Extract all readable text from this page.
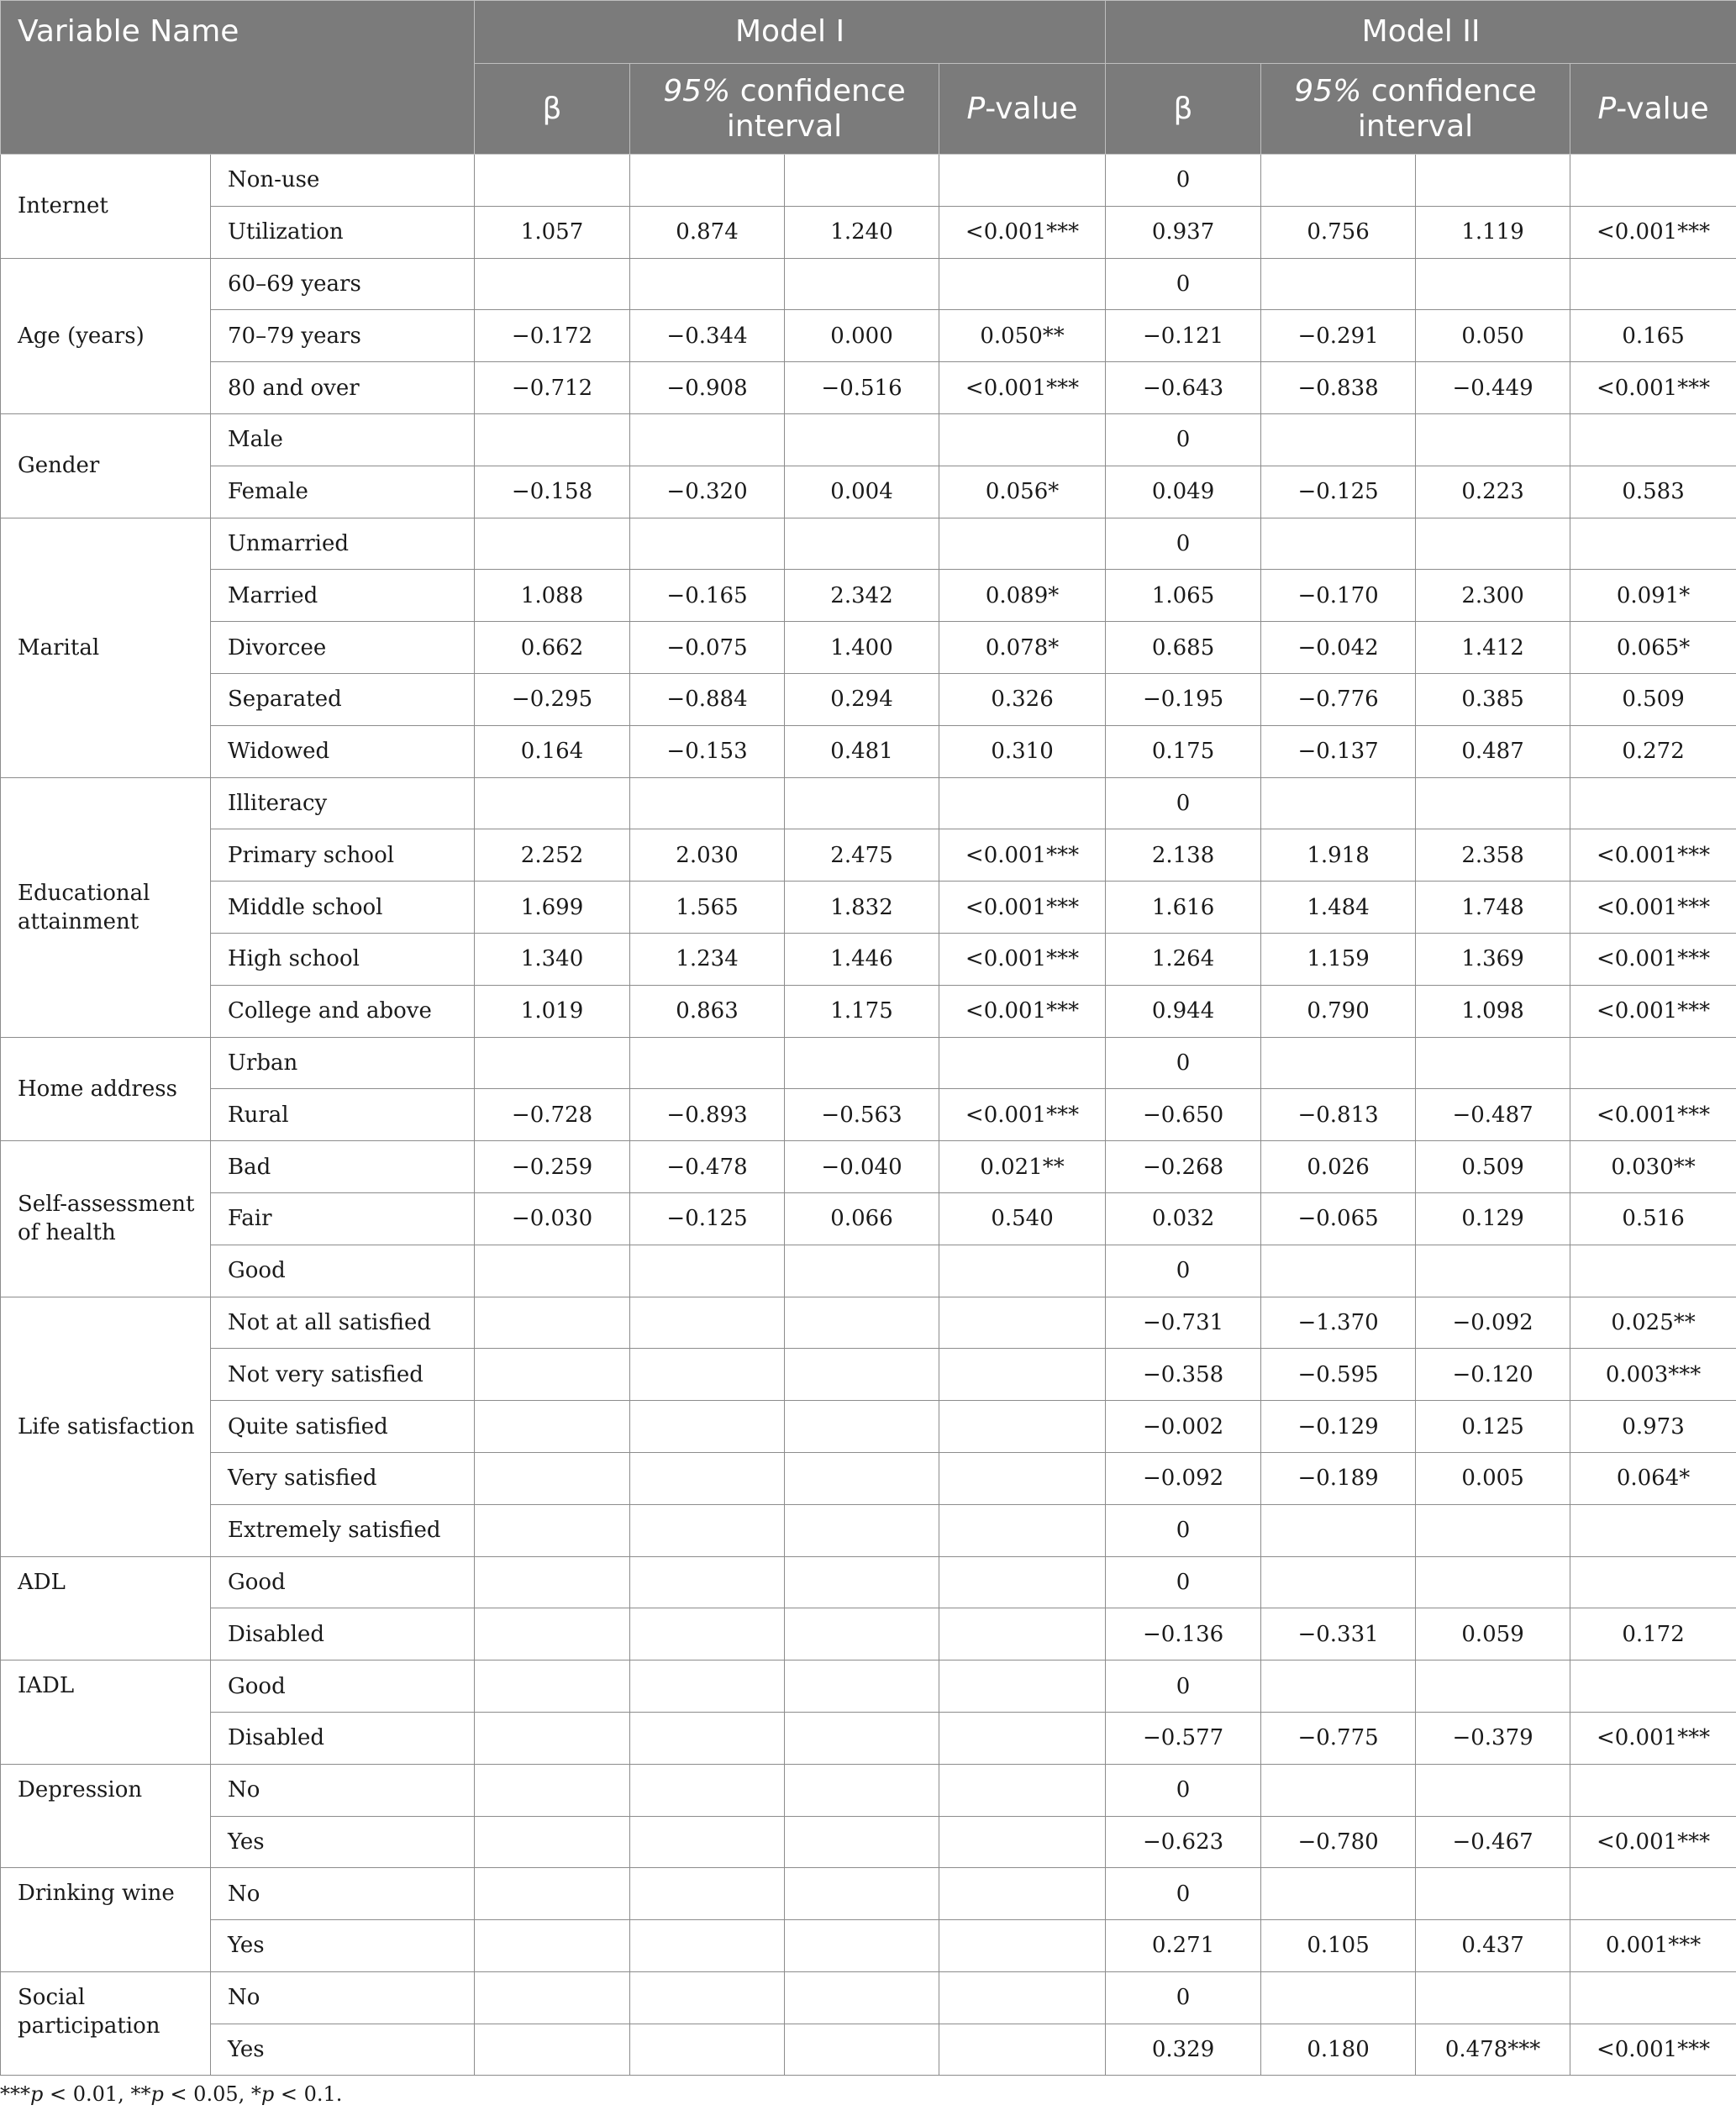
Variable Name		Model I				Model II			
		β	95% confidence interval		P-value	β	95% confidence interval		P-value
Internet	Non-use					0			
	Utilization	1.057	0.874	1.240	<0.001***	0.937	0.756	1.119	<0.001***
Age (years)	60–69 years					0			
	70–79 years	−0.172	−0.344	0.000	0.050**	−0.121	−0.291	0.050	0.165
	80 and over	−0.712	−0.908	−0.516	<0.001***	−0.643	−0.838	−0.449	<0.001***
Gender	Male					0			
	Female	−0.158	−0.320	0.004	0.056*	0.049	−0.125	0.223	0.583
Marital	Unmarried					0			
	Married	1.088	−0.165	2.342	0.089*	1.065	−0.170	2.300	0.091*
	Divorcee	0.662	−0.075	1.400	0.078*	0.685	−0.042	1.412	0.065*
	Separated	−0.295	−0.884	0.294	0.326	−0.195	−0.776	0.385	0.509
	Widowed	0.164	−0.153	0.481	0.310	0.175	−0.137	0.487	0.272
Educational attainment	Illiteracy					0			
	Primary school	2.252	2.030	2.475	<0.001***	2.138	1.918	2.358	<0.001***
	Middle school	1.699	1.565	1.832	<0.001***	1.616	1.484	1.748	<0.001***
	High school	1.340	1.234	1.446	<0.001***	1.264	1.159	1.369	<0.001***
	College and above	1.019	0.863	1.175	<0.001***	0.944	0.790	1.098	<0.001***
Home address	Urban					0			
	Rural	−0.728	−0.893	−0.563	<0.001***	−0.650	−0.813	−0.487	<0.001***
Self-assessment of health	Bad	−0.259	−0.478	−0.040	0.021**	−0.268	0.026	0.509	0.030**
	Fair	−0.030	−0.125	0.066	0.540	0.032	−0.065	0.129	0.516
	Good					0			
Life satisfaction	Not at all satisfied					−0.731	−1.370	−0.092	0.025**
	Not very satisfied					−0.358	−0.595	−0.120	0.003***
	Quite satisfied					−0.002	−0.129	0.125	0.973
	Very satisfied					−0.092	−0.189	0.005	0.064*
	Extremely satisfied					0			
ADL	Good					0			
	Disabled					−0.136	−0.331	0.059	0.172
IADL	Good					0			
	Disabled					−0.577	−0.775	−0.379	<0.001***
Depression	No					0			
	Yes					−0.623	−0.780	−0.467	<0.001***
Drinking wine	No					0			
	Yes					0.271	0.105	0.437	0.001***
Social participation	No					0			
	Yes					0.329	0.180	0.478***	<0.001***
***p < 0.01, **p < 0.05, *p < 0.1.
